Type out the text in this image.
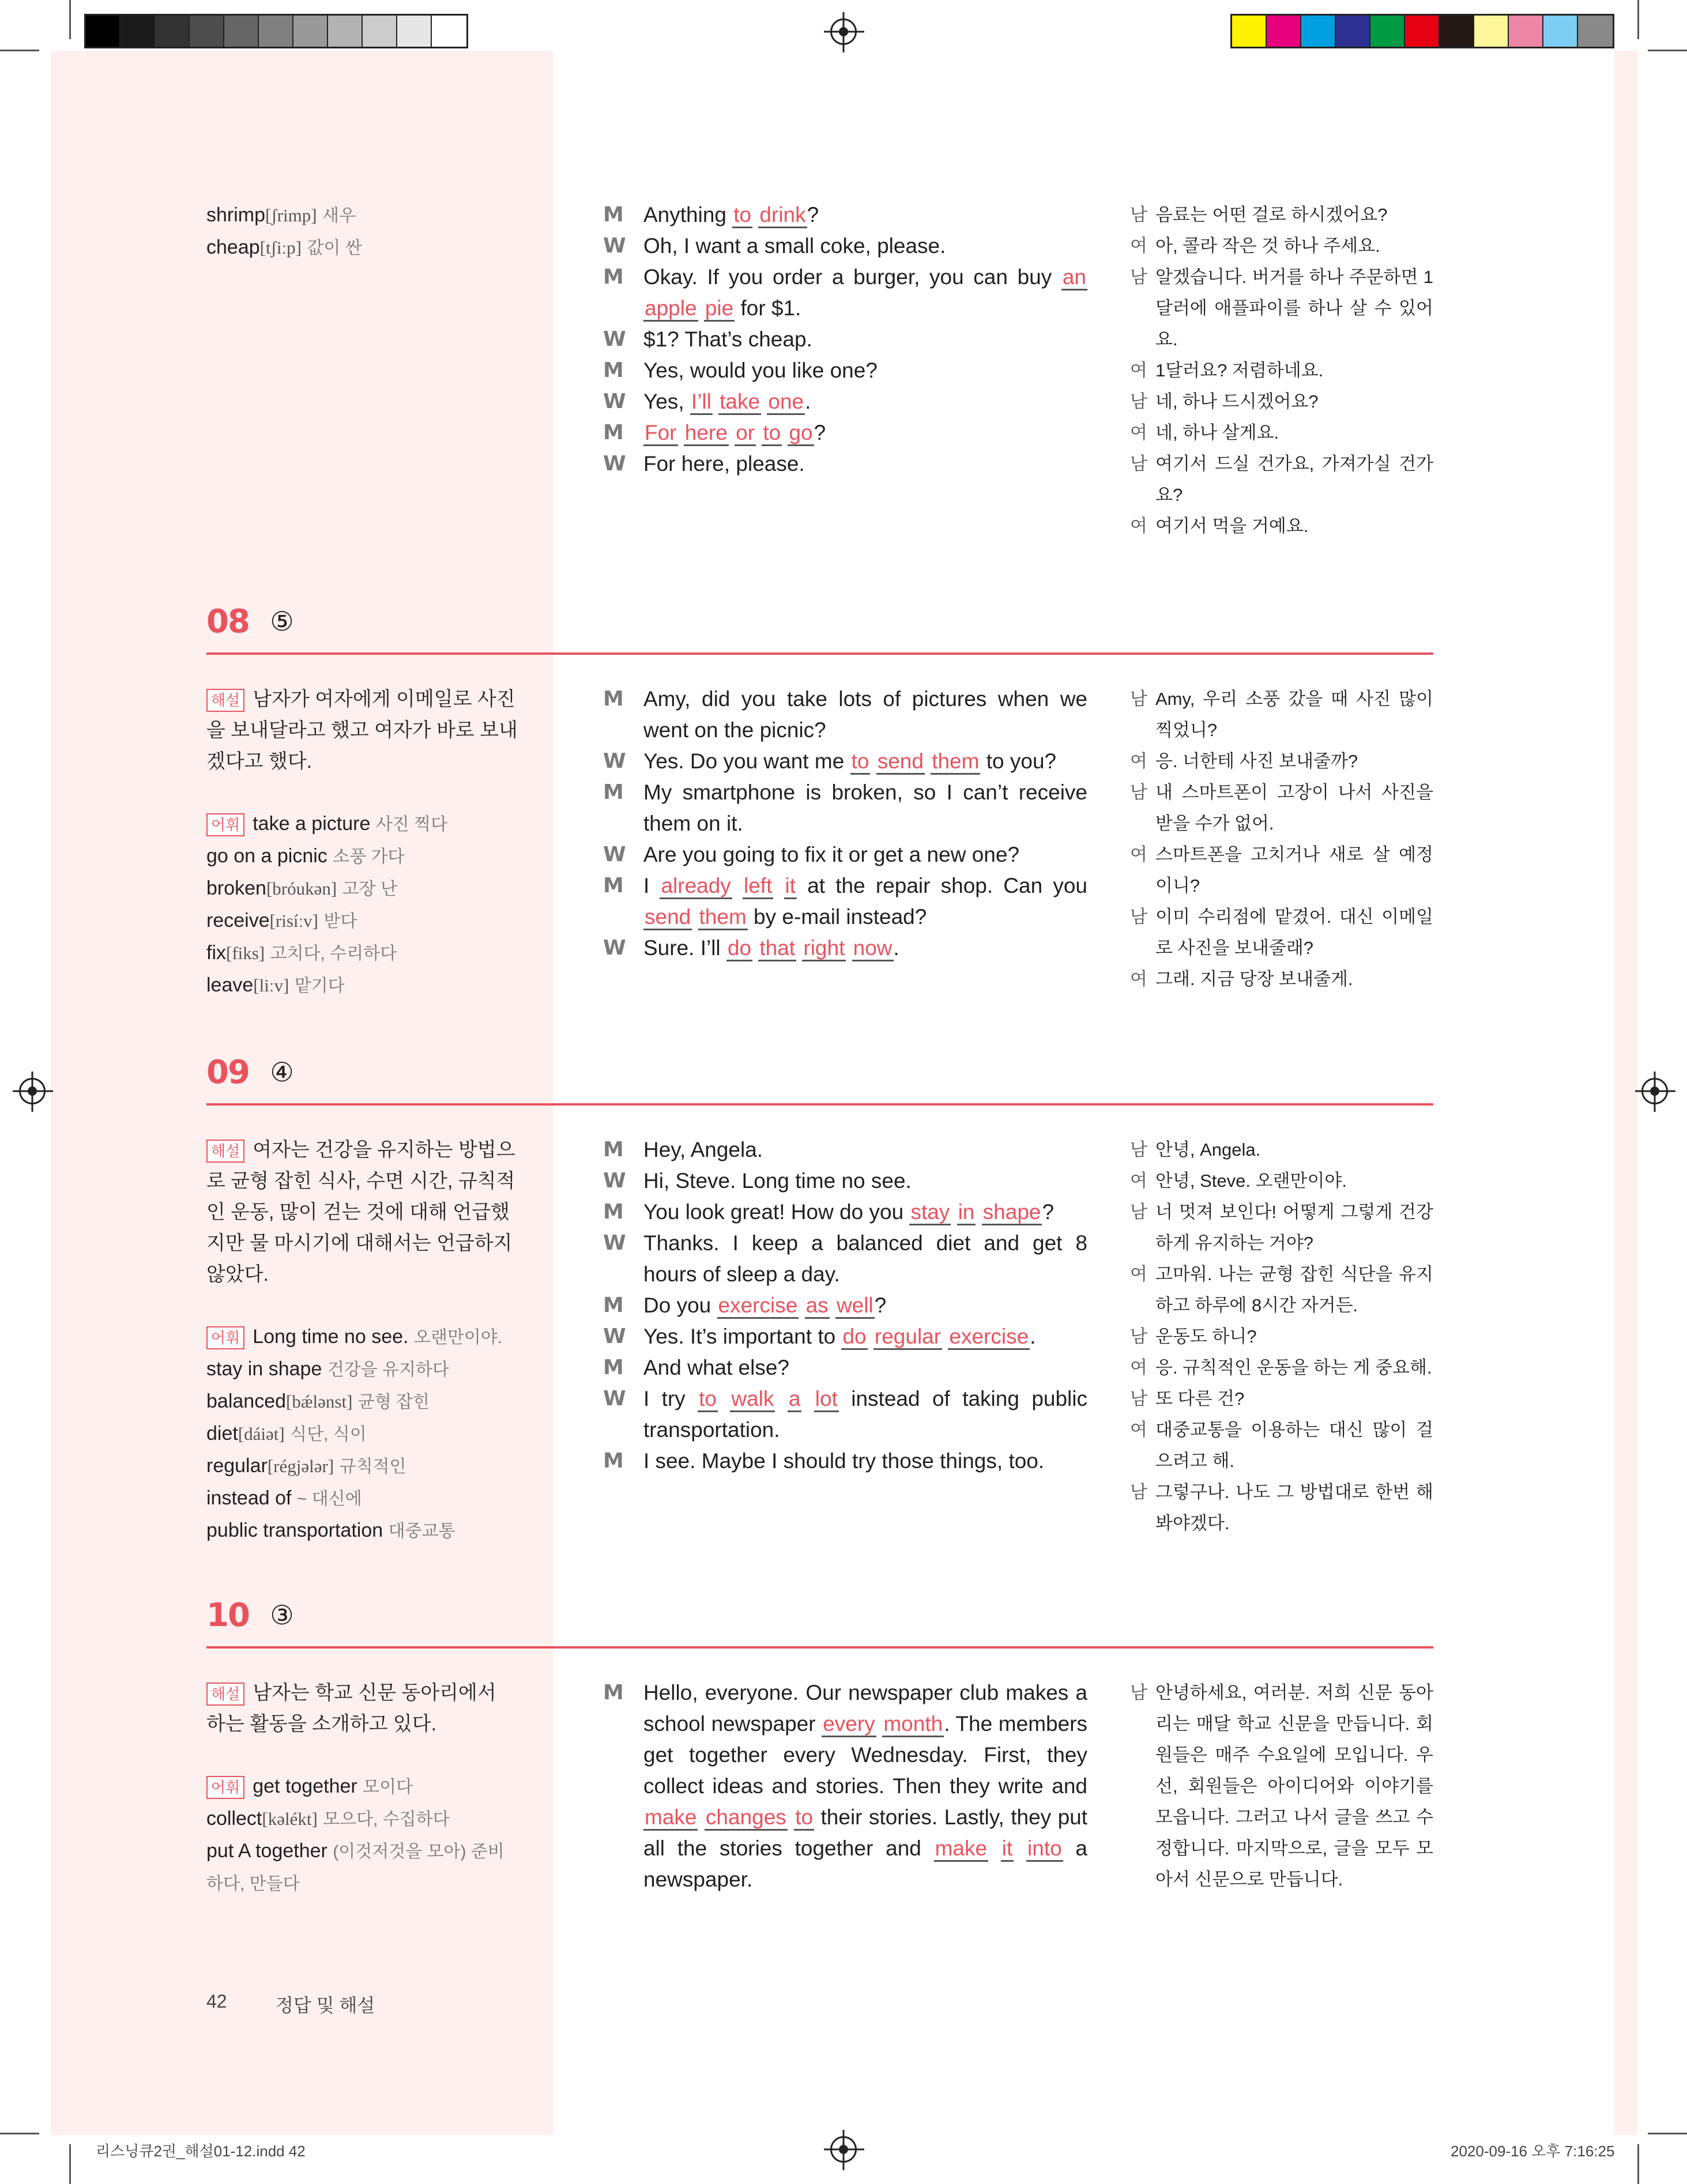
shrimp[ʃrimp] 새우
cheap[tʃiːp] 값이 싼
M Anything to drink?
W Oh, I want a small coke, please.
M Okay. If you order a burger, you can buy an apple pie for $1.
W $1? That’s cheap.
M Yes, would you like one?
W Yes, I’ll take one.
M For here or to go?
W For here, please.
남 음료는 어떤 걸로 하시겠어요?
여 아, 콜라 작은 것 하나 주세요.
남 알겠습니다. 버거를 하나 주문하면 1달러에 애플파이를 하나 살 수 있어요.
여 1달러요? 저렴하네요.
남 네, 하나 드시겠어요?
여 네, 하나 살게요.
남 여기서 드실 건가요, 가져가실 건가요?
여 여기서 먹을 거예요.
08 ⑤
해설 남자가 여자에게 이메일로 사진을 보내달라고 했고 여자가 바로 보내겠다고 했다.
어휘 take a picture 사진 찍다
go on a picnic 소풍 가다
broken[bróukən] 고장 난
receive[risíːv] 받다
fix[fiks] 고치다, 수리하다
leave[liːv] 맡기다
M Amy, did you take lots of pictures when we went on the picnic?
W Yes. Do you want me to send them to you?
M My smartphone is broken, so I can’t receive them on it.
W Are you going to fix it or get a new one?
M I already left it at the repair shop. Can you send them by e-mail instead?
W Sure. I’ll do that right now.
남 Amy, 우리 소풍 갔을 때 사진 많이 찍었니?
여 응. 너한테 사진 보내줄까?
남 내 스마트폰이 고장이 나서 사진을 받을 수가 없어.
여 스마트폰을 고치거나 새로 살 예정이니?
남 이미 수리점에 맡겼어. 대신 이메일로 사진을 보내줄래?
여 그래. 지금 당장 보내줄게.
09 ④
해설 여자는 건강을 유지하는 방법으로 균형 잡힌 식사, 수면 시간, 규칙적인 운동, 많이 걷는 것에 대해 언급했지만 물 마시기에 대해서는 언급하지 않았다.
어휘 Long time no see. 오랜만이야.
stay in shape 건강을 유지하다
balanced[bǽlənst] 균형 잡힌
diet[dáiət] 식단, 식이
regular[régjələr] 규칙적인
instead of ~ 대신에
public transportation 대중교통
M Hey, Angela.
W Hi, Steve. Long time no see.
M You look great! How do you stay in shape?
W Thanks. I keep a balanced diet and get 8 hours of sleep a day.
M Do you exercise as well?
W Yes. It’s important to do regular exercise.
M And what else?
W I try to walk a lot instead of taking public transportation.
M I see. Maybe I should try those things, too.
남 안녕, Angela.
여 안녕, Steve. 오랜만이야.
남 너 멋져 보인다! 어떻게 그렇게 건강하게 유지하는 거야?
여 고마워. 나는 균형 잡힌 식단을 유지하고 하루에 8시간 자거든.
남 운동도 하니?
여 응. 규칙적인 운동을 하는 게 중요해.
남 또 다른 건?
여 대중교통을 이용하는 대신 많이 걸으려고 해.
남 그렇구나. 나도 그 방법대로 한번 해봐야겠다.
10 ③
해설 남자는 학교 신문 동아리에서 하는 활동을 소개하고 있다.
어휘 get together 모이다
collect[kəlékt] 모으다, 수집하다
put A together (이것저것을 모아) 준비하다, 만들다
M Hello, everyone. Our newspaper club makes a school newspaper every month. The members get together every Wednesday. First, they collect ideas and stories. Then they write and make changes to their stories. Lastly, they put all the stories together and make it into a newspaper.
남 안녕하세요, 여러분. 저희 신문 동아리는 매달 학교 신문을 만듭니다. 회원들은 매주 수요일에 모입니다. 우선, 회원들은 아이디어와 이야기를 모읍니다. 그러고 나서 글을 쓰고 수정합니다. 마지막으로, 글을 모두 모아서 신문으로 만듭니다.
42	정답 및 해설
리스닝큐2권_해설01-12.indd 42	2020-09-16 오후 7:16:25
